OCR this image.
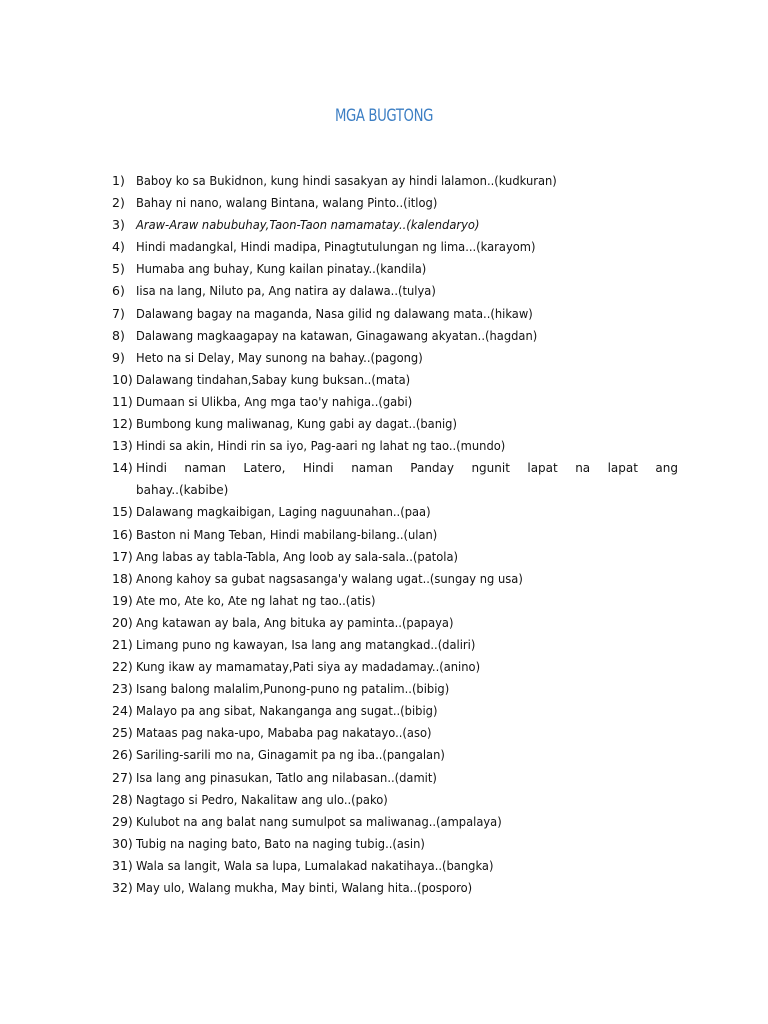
MGA BUGTONG
1) Baboy ko sa Bukidnon, kung hindi sasakyan ay hindi lalamon..(kudkuran)
2) Bahay ni nano, walang Bintana, walang Pinto..(itlog)
3) Araw-Araw nabubuhay,Taon-Taon namamatay..(kalendaryo)
4) Hindi madangkal, Hindi madipa, Pinagtutulungan ng lima...(karayom)
5) Humaba ang buhay, Kung kailan pinatay..(kandila)
6) Iisa na lang, Niluto pa, Ang natira ay dalawa..(tulya)
7) Dalawang bagay na maganda, Nasa gilid ng dalawang mata..(hikaw)
8) Dalawang magkaagapay na katawan, Ginagawang akyatan..(hagdan)
9) Heto na si Delay, May sunong na bahay..(pagong)
10) Dalawang tindahan,Sabay kung buksan..(mata)
11) Dumaan si Ulikba, Ang mga tao'y nahiga..(gabi)
12) Bumbong kung maliwanag, Kung gabi ay dagat..(banig)
13) Hindi sa akin, Hindi rin sa iyo, Pag-aari ng lahat ng tao..(mundo)
14) Hindi naman Latero, Hindi naman Panday ngunit lapat na lapat ang
bahay..(kabibe)
15) Dalawang magkaibigan, Laging naguunahan..(paa)
16) Baston ni Mang Teban, Hindi mabilang-bilang..(ulan)
17) Ang labas ay tabla-Tabla, Ang loob ay sala-sala..(patola)
18) Anong kahoy sa gubat nagsasanga'y walang ugat..(sungay ng usa)
19) Ate mo, Ate ko, Ate ng lahat ng tao..(atis)
20) Ang katawan ay bala, Ang bituka ay paminta..(papaya)
21) Limang puno ng kawayan, Isa lang ang matangkad..(daliri)
22) Kung ikaw ay mamamatay,Pati siya ay madadamay..(anino)
23) Isang balong malalim,Punong-puno ng patalim..(bibig)
24) Malayo pa ang sibat, Nakanganga ang sugat..(bibig)
25) Mataas pag naka-upo, Mababa pag nakatayo..(aso)
26) Sariling-sarili mo na, Ginagamit pa ng iba..(pangalan)
27) Isa lang ang pinasukan, Tatlo ang nilabasan..(damit)
28) Nagtago si Pedro, Nakalitaw ang ulo..(pako)
29) Kulubot na ang balat nang sumulpot sa maliwanag..(ampalaya)
30) Tubig na naging bato, Bato na naging tubig..(asin)
31) Wala sa langit, Wala sa lupa, Lumalakad nakatihaya..(bangka)
32) May ulo, Walang mukha, May binti, Walang hita..(posporo)
